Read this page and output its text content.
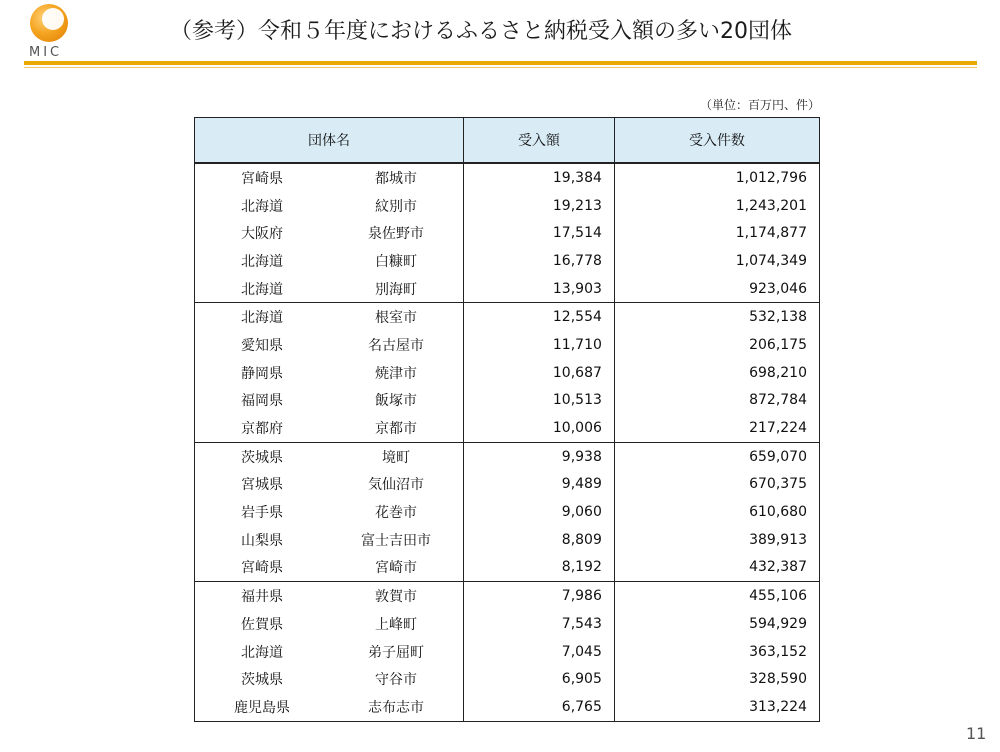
MIC
（参考）令和５年度におけるふるさと納税受入額の多い20団体
（単位：百万円、件）
団体名		受入額	受入件数
宮崎県	都城市	19,384	1,012,796
北海道	紋別市	19,213	1,243,201
大阪府	泉佐野市	17,514	1,174,877
北海道	白糠町	16,778	1,074,349
北海道	別海町	13,903	923,046
北海道	根室市	12,554	532,138
愛知県	名古屋市	11,710	206,175
静岡県	焼津市	10,687	698,210
福岡県	飯塚市	10,513	872,784
京都府	京都市	10,006	217,224
茨城県	境町	9,938	659,070
宮城県	気仙沼市	9,489	670,375
岩手県	花巻市	9,060	610,680
山梨県	富士吉田市	8,809	389,913
宮崎県	宮崎市	8,192	432,387
福井県	敦賀市	7,986	455,106
佐賀県	上峰町	7,543	594,929
北海道	弟子屈町	7,045	363,152
茨城県	守谷市	6,905	328,590
鹿児島県	志布志市	6,765	313,224
11
